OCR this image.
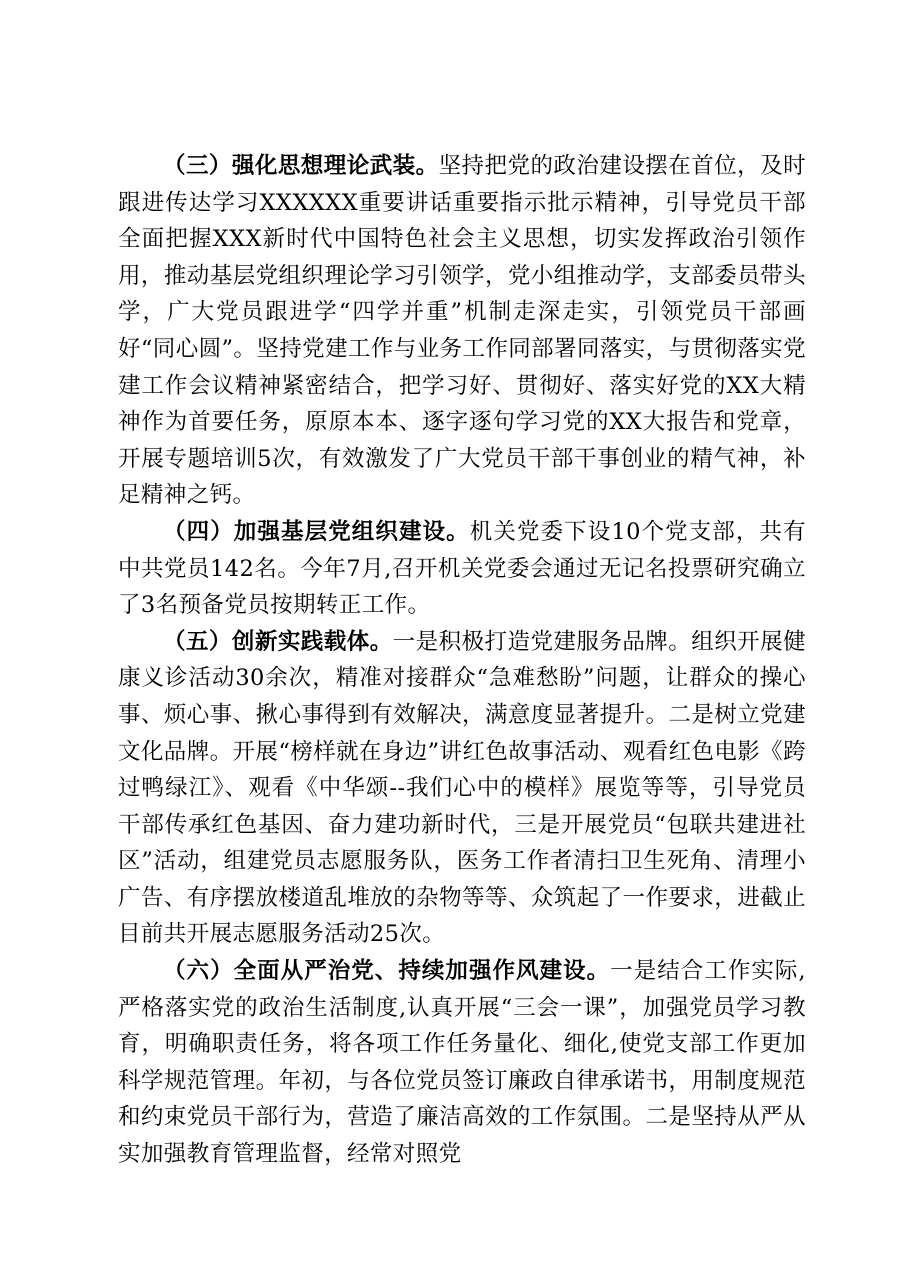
（三）强化思想理论武装。坚持把党的政治建设摆在首位，及时跟进传达学习XXXXXX重要讲话重要指示批示精神，引导党员干部全面把握XXX新时代中国特色社会主义思想，切实发挥政治引领作用，推动基层党组织理论学习引领学，党小组推动学，支部委员带头学，广大党员跟进学“四学并重”机制走深走实，引领党员干部画好“同心圆”。坚持党建工作与业务工作同部署同落实，与贯彻落实党建工作会议精神紧密结合，把学习好、贯彻好、落实好党的XX大精神作为首要任务，原原本本、逐字逐句学习党的XX大报告和党章，开展专题培训5次，有效激发了广大党员干部干事创业的精气神，补足精神之钙。

（四）加强基层党组织建设。机关党委下设10个党支部，共有中共党员142名。今年7月,召开机关党委会通过无记名投票研究确立了3名预备党员按期转正工作。

（五）创新实践载体。一是积极打造党建服务品牌。组织开展健康义诊活动30余次，精准对接群众“急难愁盼”问题，让群众的操心事、烦心事、揪心事得到有效解决，满意度显著提升。二是树立党建文化品牌。开展“榜样就在身边”讲红色故事活动、观看红色电影《跨过鸭绿江》、观看《中华颂--我们心中的模样》展览等等，引导党员干部传承红色基因、奋力建功新时代，三是开展党员“包联共建进社区”活动，组建党员志愿服务队，医务工作者清扫卫生死角、清理小广告、有序摆放楼道乱堆放的杂物等等、众筑起了一作要求，进截止目前共开展志愿服务活动25次。

（六）全面从严治党、持续加强作风建设。一是结合工作实际,严格落实党的政治生活制度,认真开展“三会一课”，加强党员学习教育，明确职责任务，将各项工作任务量化、细化,使党支部工作更加科学规范管理。年初，与各位党员签订廉政自律承诺书，用制度规范和约束党员干部行为，营造了廉洁高效的工作氛围。二是坚持从严从实加强教育管理监督，经常对照党
